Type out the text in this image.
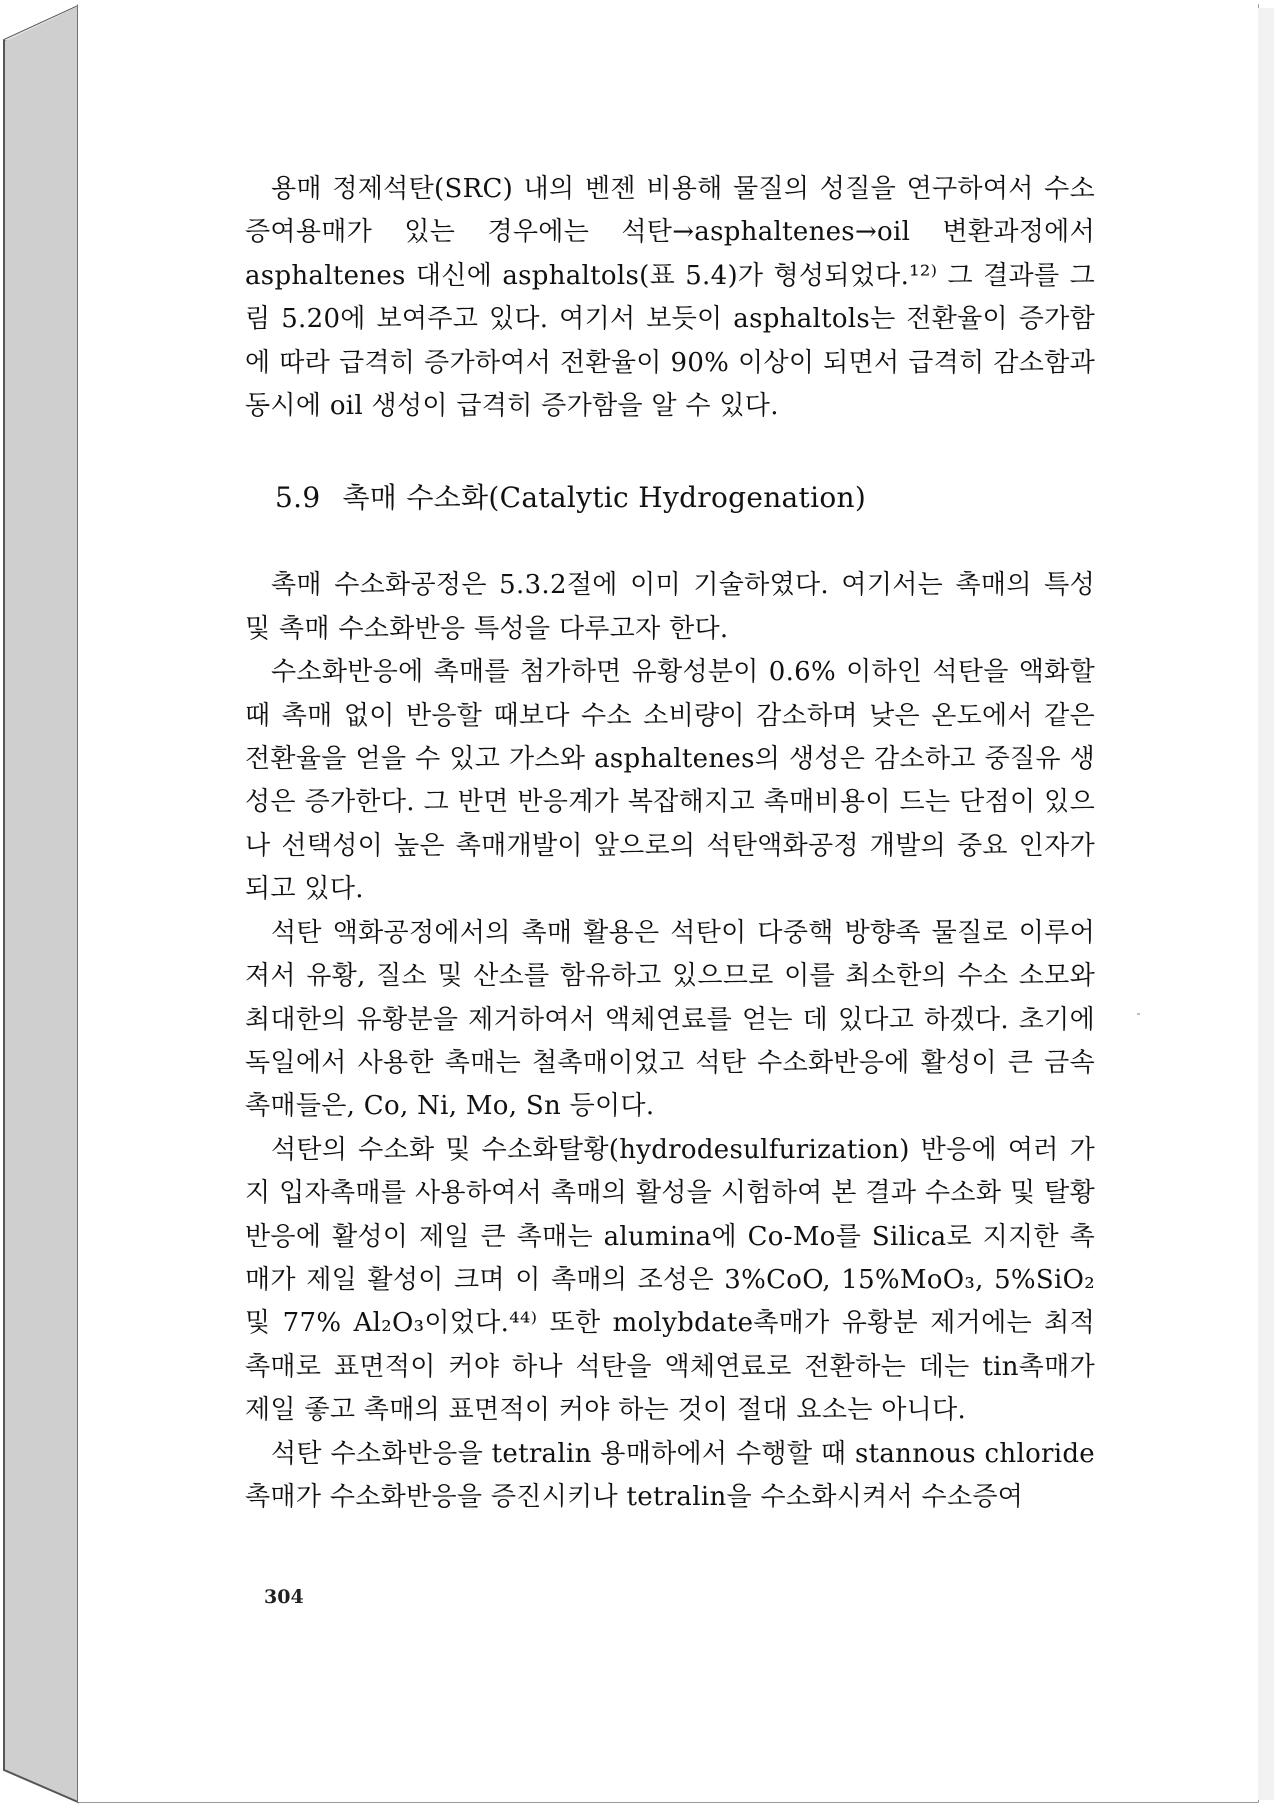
용매 정제석탄(SRC) 내의 벤젠 비용해 물질의 성질을 연구하여서 수소증여용매가 있는 경우에는 석탄→asphaltenes→oil 변환과정에서 asphaltenes 대신에 asphaltols(표 5.4)가 형성되었다.¹²⁾ 그 결과를 그림 5.20에 보여주고 있다. 여기서 보듯이 asphaltols는 전환율이 증가함에 따라 급격히 증가하여서 전환율이 90% 이상이 되면서 급격히 감소함과 동시에 oil 생성이 급격히 증가함을 알 수 있다.

5.9 촉매 수소화(Catalytic Hydrogenation)

촉매 수소화공정은 5.3.2절에 이미 기술하였다. 여기서는 촉매의 특성 및 촉매 수소화반응 특성을 다루고자 한다.

수소화반응에 촉매를 첨가하면 유황성분이 0.6% 이하인 석탄을 액화할 때 촉매 없이 반응할 때보다 수소 소비량이 감소하며 낮은 온도에서 같은 전환율을 얻을 수 있고 가스와 asphaltenes의 생성은 감소하고 중질유 생성은 증가한다. 그 반면 반응계가 복잡해지고 촉매비용이 드는 단점이 있으나 선택성이 높은 촉매개발이 앞으로의 석탄액화공정 개발의 중요 인자가 되고 있다.

석탄 액화공정에서의 촉매 활용은 석탄이 다중핵 방향족 물질로 이루어져서 유황, 질소 및 산소를 함유하고 있으므로 이를 최소한의 수소 소모와 최대한의 유황분을 제거하여서 액체연료를 얻는 데 있다고 하겠다. 초기에 독일에서 사용한 촉매는 철촉매이었고 석탄 수소화반응에 활성이 큰 금속촉매들은, Co, Ni, Mo, Sn 등이다.

석탄의 수소화 및 수소화탈황(hydrodesulfurization) 반응에 여러 가지 입자촉매를 사용하여서 촉매의 활성을 시험하여 본 결과 수소화 및 탈황반응에 활성이 제일 큰 촉매는 alumina에 Co-Mo를 Silica로 지지한 촉매가 제일 활성이 크며 이 촉매의 조성은 3%CoO, 15%MoO₃, 5%SiO₂ 및 77% Al₂O₃이었다.⁴⁴⁾ 또한 molybdate촉매가 유황분 제거에는 최적 촉매로 표면적이 커야 하나 석탄을 액체연료로 전환하는 데는 tin촉매가 제일 좋고 촉매의 표면적이 커야 하는 것이 절대 요소는 아니다.

석탄 수소화반응을 tetralin 용매하에서 수행할 때 stannous chloride 촉매가 수소화반응을 증진시키나 tetralin을 수소화시켜서 수소증여

304
